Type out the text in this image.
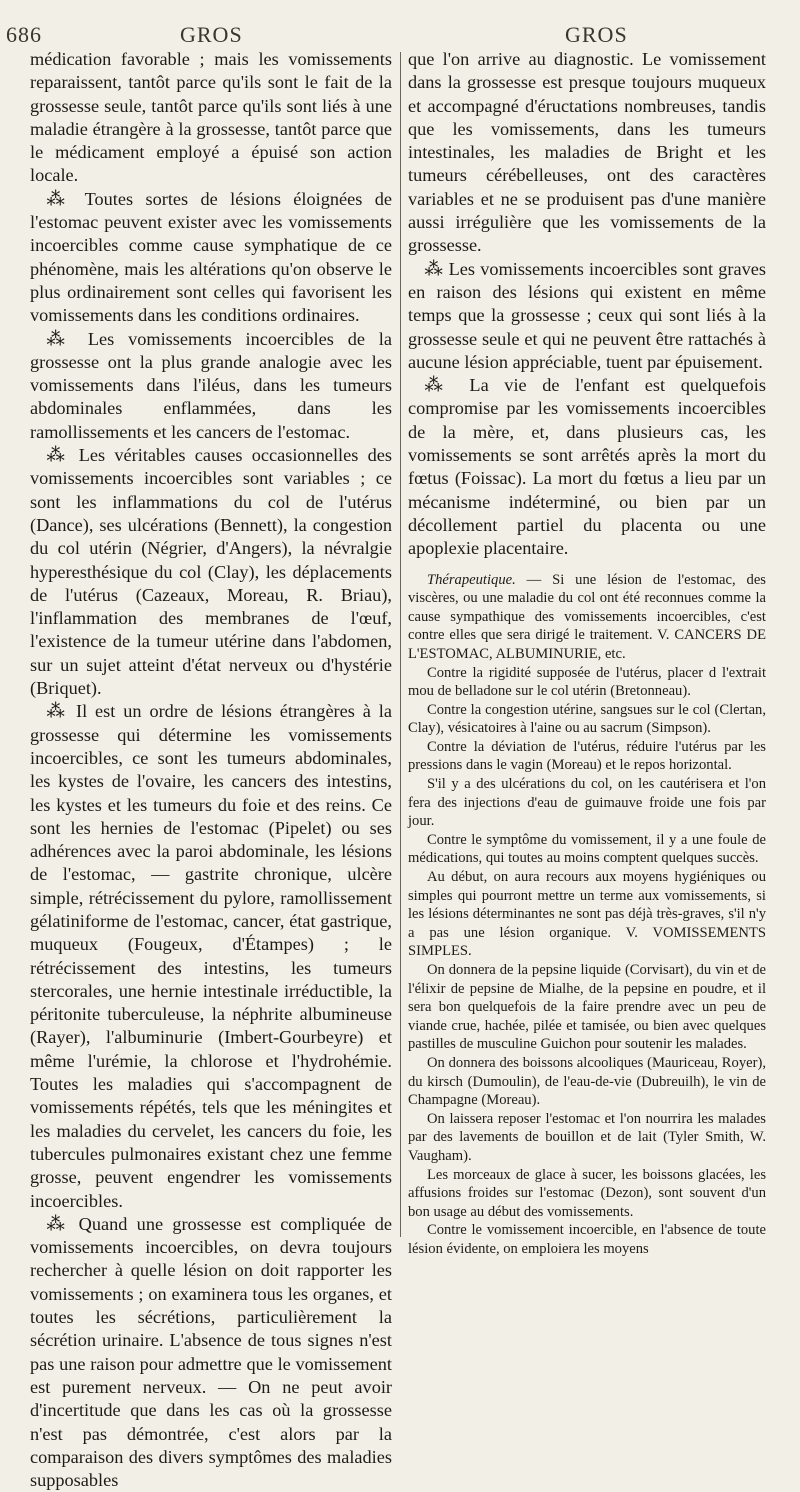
686	GROS	GROS

médication favorable ; mais les vomissements reparaissent, tantôt parce qu'ils sont le fait de la grossesse seule, tantôt parce qu'ils sont liés à une maladie étrangère à la grossesse, tantôt parce que le médicament employé a épuisé son action locale.

⁂ Toutes sortes de lésions éloignées de l'estomac peuvent exister avec les vomissements incoercibles comme cause symphatique de ce phénomène, mais les altérations qu'on observe le plus ordinairement sont celles qui favorisent les vomissements dans les conditions ordinaires.

⁂ Les vomissements incoercibles de la grossesse ont la plus grande analogie avec les vomissements dans l'iléus, dans les tumeurs abdominales enflammées, dans les ramollissements et les cancers de l'estomac.

⁂ Les véritables causes occasionnelles des vomissements incoercibles sont variables ; ce sont les inflammations du col de l'utérus (Dance), ses ulcérations (Bennett), la congestion du col utérin (Négrier, d'Angers), la névralgie hyperesthésique du col (Clay), les déplacements de l'utérus (Cazeaux, Moreau, R. Briau), l'inflammation des membranes de l'œuf, l'existence de la tumeur utérine dans l'abdomen, sur un sujet atteint d'état nerveux ou d'hystérie (Briquet).

⁂ Il est un ordre de lésions étrangères à la grossesse qui détermine les vomissements incoercibles, ce sont les tumeurs abdominales, les kystes de l'ovaire, les cancers des intestins, les kystes et les tumeurs du foie et des reins. Ce sont les hernies de l'estomac (Pipelet) ou ses adhérences avec la paroi abdominale, les lésions de l'estomac, — gastrite chronique, ulcère simple, rétrécissement du pylore, ramollissement gélatiniforme de l'estomac, cancer, état gastrique, muqueux (Fougeux, d'Étampes) ; le rétrécissement des intestins, les tumeurs stercorales, une hernie intestinale irréductible, la péritonite tuberculeuse, la néphrite albumineuse (Rayer), l'albuminurie (Imbert-Gourbeyre) et même l'urémie, la chlorose et l'hydrohémie. Toutes les maladies qui s'accompagnent de vomissements répétés, tels que les méningites et les maladies du cervelet, les cancers du foie, les tubercules pulmonaires existant chez une femme grosse, peuvent engendrer les vomissements incoercibles.

⁂ Quand une grossesse est compliquée de vomissements incoercibles, on devra toujours rechercher à quelle lésion on doit rapporter les vomissements ; on examinera tous les organes, et toutes les sécrétions, particulièrement la sécrétion urinaire. L'absence de tous signes n'est pas une raison pour admettre que le vomissement est purement nerveux. — On ne peut avoir d'incertitude que dans les cas où la grossesse n'est pas démontrée, c'est alors par la comparaison des divers symptômes des maladies supposables

que l'on arrive au diagnostic. Le vomissement dans la grossesse est presque toujours muqueux et accompagné d'éructations nombreuses, tandis que les vomissements, dans les tumeurs intestinales, les maladies de Bright et les tumeurs cérébelleuses, ont des caractères variables et ne se produisent pas d'une manière aussi irrégulière que les vomissements de la grossesse.

⁂ Les vomissements incoercibles sont graves en raison des lésions qui existent en même temps que la grossesse ; ceux qui sont liés à la grossesse seule et qui ne peuvent être rattachés à aucune lésion appréciable, tuent par épuisement.

⁂ La vie de l'enfant est quelquefois compromise par les vomissements incoercibles de la mère, et, dans plusieurs cas, les vomissements se sont arrêtés après la mort du fœtus (Foissac). La mort du fœtus a lieu par un mécanisme indéterminé, ou bien par un décollement partiel du placenta ou une apoplexie placentaire.

Thérapeutique. — Si une lésion de l'estomac, des viscères, ou une maladie du col ont été reconnues comme la cause sympathique des vomissements incoercibles, c'est contre elles que sera dirigé le traitement. V. CANCERS DE L'ESTOMAC, ALBUMINURIE, etc.

Contre la rigidité supposée de l'utérus, placer d l'extrait mou de belladone sur le col utérin (Bretonneau).

Contre la congestion utérine, sangsues sur le col (Clertan, Clay), vésicatoires à l'aine ou au sacrum (Simpson).

Contre la déviation de l'utérus, réduire l'utérus par les pressions dans le vagin (Moreau) et le repos horizontal.

S'il y a des ulcérations du col, on les cautérisera et l'on fera des injections d'eau de guimauve froide une fois par jour.

Contre le symptôme du vomissement, il y a une foule de médications, qui toutes au moins comptent quelques succès.

Au début, on aura recours aux moyens hygiéniques ou simples qui pourront mettre un terme aux vomissements, si les lésions déterminantes ne sont pas déjà très-graves, s'il n'y a pas une lésion organique. V. VOMISSEMENTS SIMPLES.

On donnera de la pepsine liquide (Corvisart), du vin et de l'élixir de pepsine de Mialhe, de la pepsine en poudre, et il sera bon quelquefois de la faire prendre avec un peu de viande crue, hachée, pilée et tamisée, ou bien avec quelques pastilles de musculine Guichon pour soutenir les malades.

On donnera des boissons alcooliques (Mauriceau, Royer), du kirsch (Dumoulin), de l'eau-de-vie (Dubreuilh), le vin de Champagne (Moreau).

On laissera reposer l'estomac et l'on nourrira les malades par des lavements de bouillon et de lait (Tyler Smith, W. Vaugham).

Les morceaux de glace à sucer, les boissons glacées, les affusions froides sur l'estomac (Dezon), sont souvent d'un bon usage au début des vomissements.

Contre le vomissement incoercible, en l'absence de toute lésion évidente, on emploiera les moyens
